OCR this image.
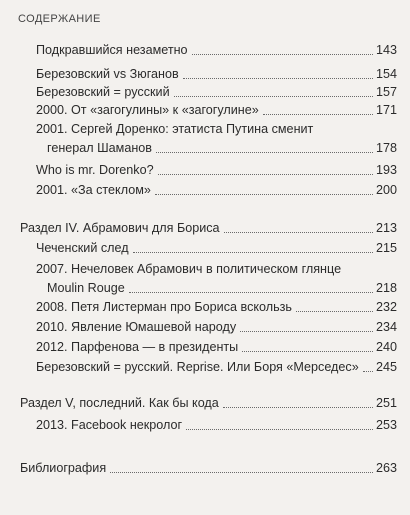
СОДЕРЖАНИЕ
Подкравшийся незаметно	143
Березовский vs Зюганов	154
Березовский = русский	157
2000. От «загогулины» к «загогулине»	171
2001. Сергей Доренко: этатиста Путина сменит
генерал Шаманов	178
Who is mr. Dorenko?	193
2001. «За стеклом»	200
Раздел IV. Абрамович для Бориса	213
Чеченский след	215
2007. Нечеловек Абрамович в политическом глянце
Moulin Rouge	218
2008. Петя Листерман про Бориса вскользь	232
2010. Явление Юмашевой народу	234
2012. Парфенова — в президенты	240
Березовский = русский. Reprise. Или Боря «Мерседес» 245
Раздел V, последний. Как бы кода	251
2013. Facebook некролог	253
Библиография	263
